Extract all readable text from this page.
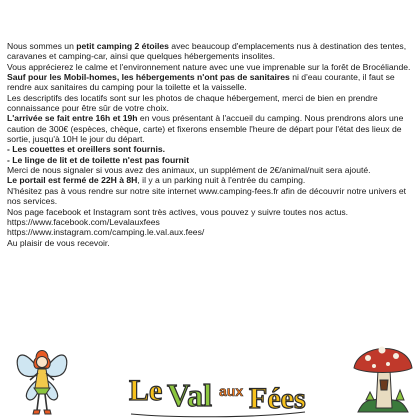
Nous sommes un petit camping 2 étoiles avec beaucoup d'emplacements nus à destination des tentes, caravanes et camping-car, ainsi que quelques hébergements insolites.

Vous apprécierez le calme et l'environnement nature avec une vue imprenable sur la forêt de Brocéliande.

Sauf pour les Mobil-homes, les hébergements n'ont pas de sanitaires ni d'eau courante, il faut se rendre aux sanitaires du camping pour la toilette et la vaisselle.

Les descriptifs des locatifs sont sur les photos de chaque hébergement, merci de bien en prendre connaissance pour être sûr de votre choix.

L'arrivée se fait entre 16h et 19h en vous présentant à l'accueil du camping. Nous prendrons alors une caution de 300€ (espèces, chèque, carte) et fixerons ensemble l'heure de départ pour l'état des lieux de sortie, jusqu'à 10H le jour du départ.

- Les couettes et oreillers sont fournis.

- Le linge de lit et de toilette n'est pas fournit

Merci de nous signaler si vous avez des animaux, un supplément de 2€/animal/nuit sera ajouté.

Le portail est fermé de 22H à 8H, il y a un parking nuit à l'entrée du camping.

N'hésitez pas à vous rendre sur notre site internet www.camping-fees.fr afin de découvrir notre univers et nos services.

Nos page facebook et Instagram sont très actives, vous pouvez y suivre toutes nos actus.

https://www.facebook.com/Levalauxfees

https://www.instagram.com/camping.le.val.aux.fees/

Au plaisir de vous recevoir.

Le Val aux Fées
